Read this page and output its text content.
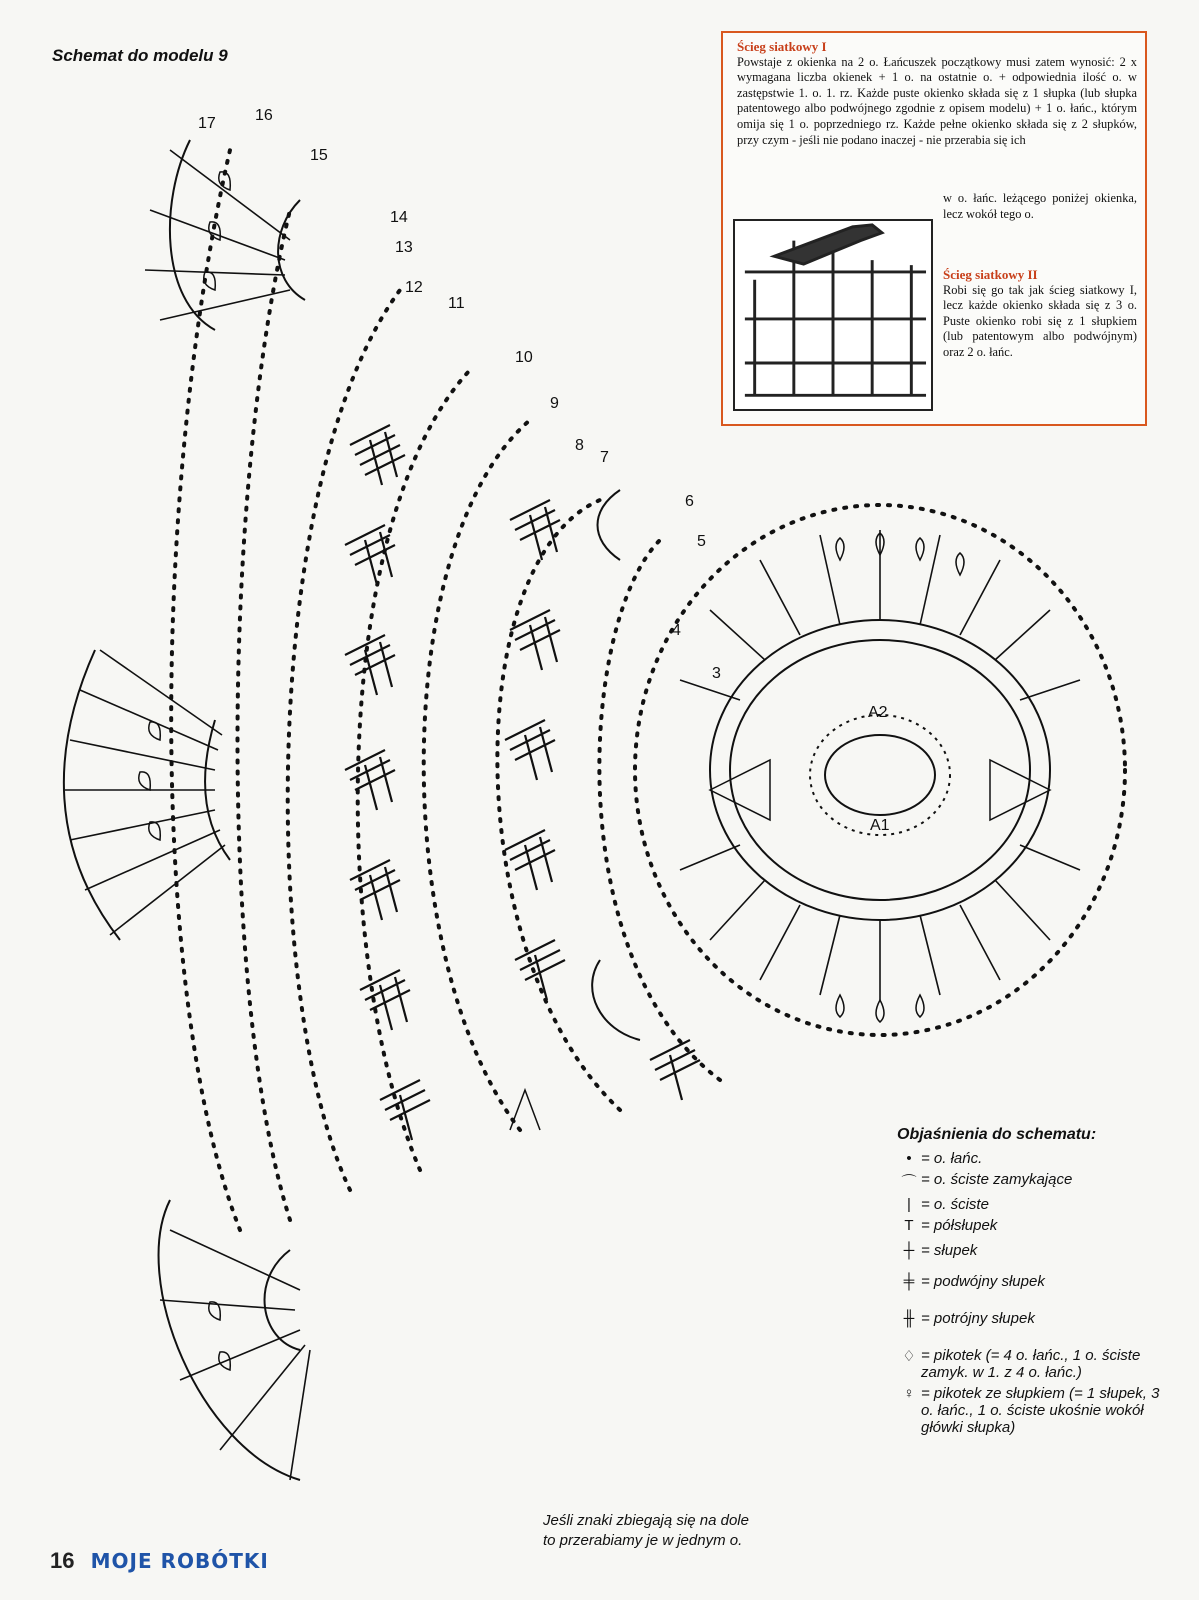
Schemat do modelu 9
17 16
15
14
13
12
11
10
9
8
7
6
5
4
3
A2
A1
Ścieg siatkowy I
Powstaje z okienka na 2 o. Łańcuszek początkowy musi zatem wynosić: 2 x wymagana liczba okienek + 1 o. na ostatnie o. + odpowiednia ilość o. w zastępstwie 1. o. 1. rz. Każde puste okienko składa się z 1 słupka (lub słupka patentowego albo podwójnego zgodnie z opisem modelu) + 1 o. łańc., którym omija się 1 o. poprzedniego rz. Każde pełne okienko składa się z 2 słupków, przy czym - jeśli nie podano inaczej - nie przerabia się ich
w o. łańc. leżącego poniżej okienka, lecz wokół tego o.
Ścieg siatkowy II
Robi się go tak jak ścieg siatkowy I, lecz każde okienko składa się z 3 o. Puste okienko robi się z 1 słupkiem (lub patentowym albo podwójnym) oraz 2 o. łańc.
Objaśnienia do schematu:
• = o. łańc.
⌒ = o. ściste zamykające
| = o. ściste
T = półsłupek
┼ = słupek
╪ = podwójny słupek
╫ = potrójny słupek
♢ = pikotek (= 4 o. łańc., 1 o. ściste zamyk. w 1. z 4 o. łańc.)
♀ = pikotek ze słupkiem (= 1 słupek, 3 o. łańc., 1 o. ściste ukośnie wokół główki słupka)
Jeśli znaki zbiegają się na dole
to przerabiamy je w jednym o.
16 MOJE ROBÓTKI
